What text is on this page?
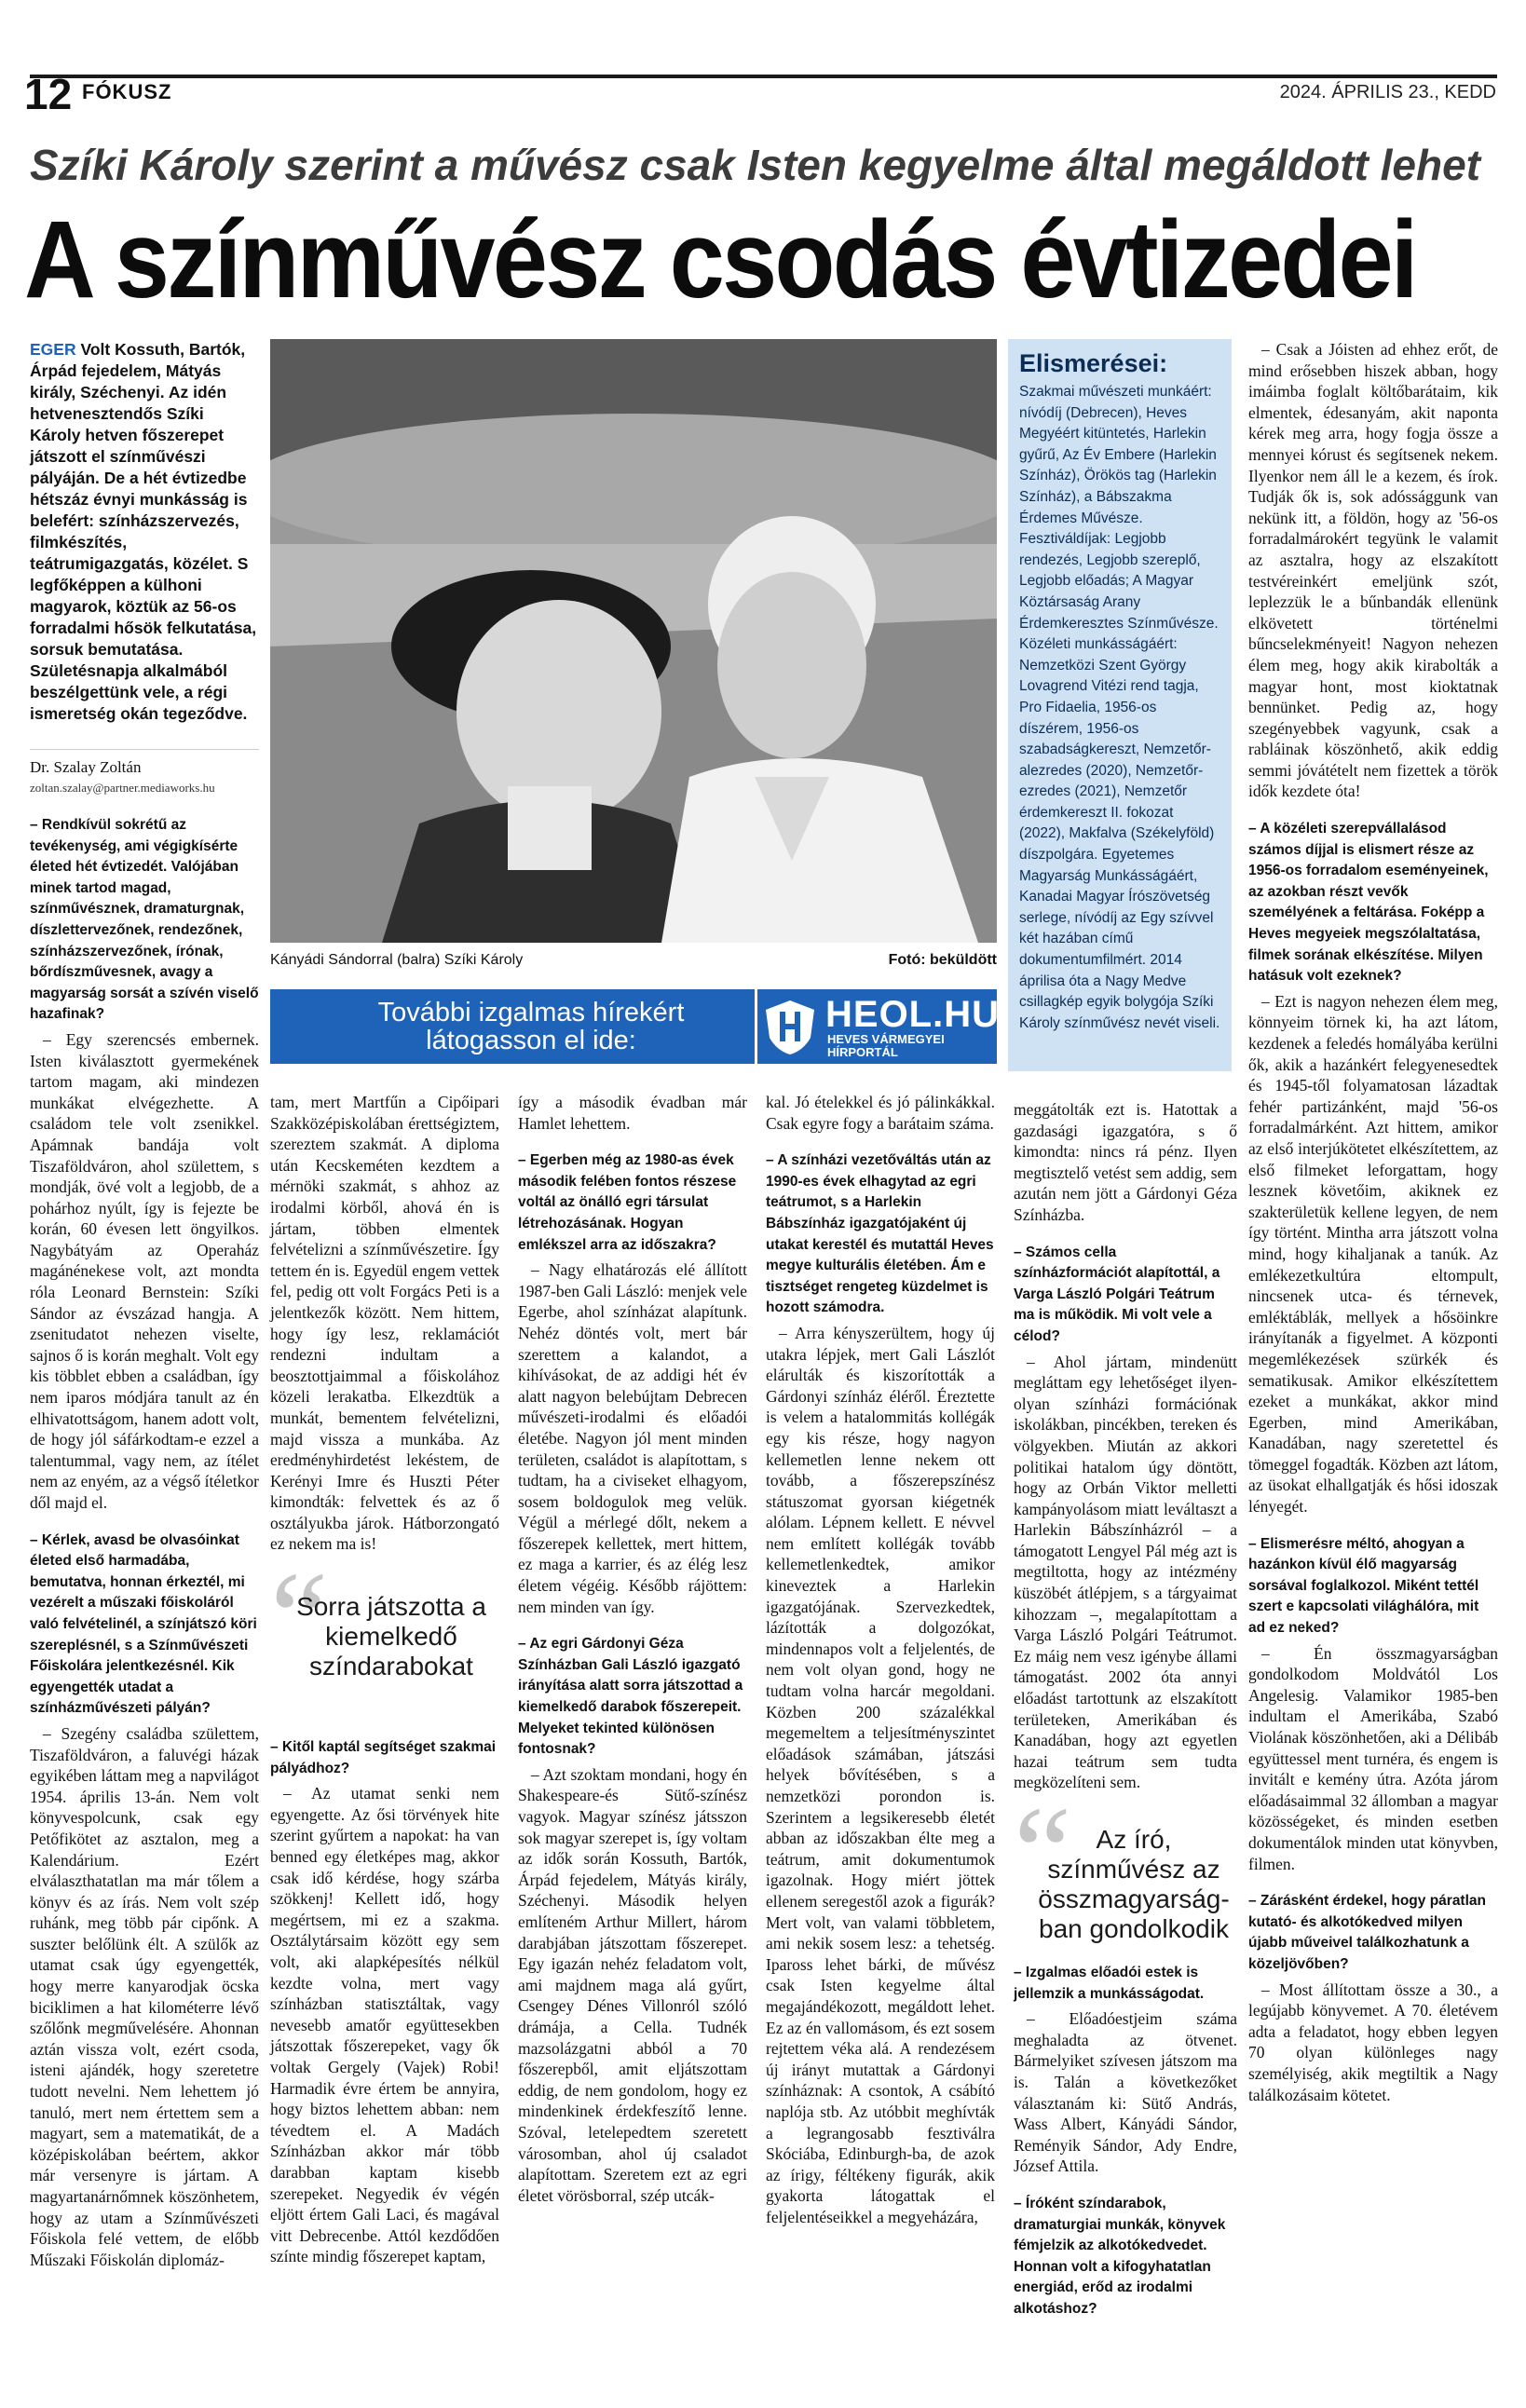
12 FÓKUSZ	2024. ÁPRILIS 23., KEDD
Szíki Károly szerint a művész csak Isten kegyelme által megáldott lehet
A színművész csodás évtizedei
EGER Volt Kossuth, Bartók, Árpád fejedelem, Mátyás király, Széchenyi. Az idén hetvenesztendős Szíki Károly hetven főszerepet játszott el színművészi pályáján. De a hét évtizedbe hétszáz évnyi munkásság is belefért: színházszervezés, filmkészítés, teátrumigazgatás, közélet. S legfőképpen a külhoni magyarok, köztük az 56-os forradalmi hősök felkutatása, sorsuk bemutatása. Születésnapja alkalmából beszélgettünk vele, a régi ismeretség okán tegeződve.
Dr. Szalay Zoltán
zoltan.szalay@partner.mediaworks.hu
– Rendkívül sokrétű az tevékenység, ami végigkísérte életed hét évtizedét. Valójában minek tartod magad, színművésznek, dramaturgnak, díszlettervezőnek, rendezőnek, színházszervezőnek, írónak, bőrdíszművesnek, avagy a magyarság sorsát a szívén viselő hazafinak?

– Egy szerencsés embernek. Isten kiválasztott gyermekének tartom magam, aki mindezen munkákat elvégezhette. A családom tele volt zsenikkel. Apámnak bandája volt Tiszaföldváron, ahol születtem, s mondják, övé volt a legjobb, de a pohárhoz nyúlt, így is fejezte be korán, 60 évesen lett öngyilkos. Nagybátyám az Operaház magánénekese volt, azt mondta róla Leonard Bernstein: Szíki Sándor az évszázad hangja. A zsenitudatot nehezen viselte, sajnos ő is korán meghalt. Volt egy kis többlet ebben a családban, így nem iparos módjára tanult az én elhivatottságom, hanem adott volt, de hogy jól sáfárkodtam-e ezzel a talentummal, vagy nem, az ítélet nem az enyém, az a végső ítéletkor dől majd el.

– Kérlek, avasd be olvasóinkat életed első harmadába, bemutatva, honnan érkeztél, mi vezérelt a műszaki főiskoláról való felvételinél, a színjátszó köri szereplésnél, s a Színművészeti Főiskolára jelentkezésnél. Kik egyengették utadat a színházművészeti pályán?

– Szegény családba születtem, Tiszaföldváron, a faluvégi házak egyikében láttam meg a napvilágot 1954. április 13-án. Nem volt könyvespolcunk, csak egy Petőfikötet az asztalon, meg a Kalendárium. Ezért elválaszthatatlan ma már tőlem a könyv és az írás. Nem volt szép ruhánk, meg több pár cipőnk. A suszter belőlünk élt. A szülők az utamat csak úgy egyengették, hogy merre kanyarodjak öcska biciklimen a hat kilométerre lévő szőlőnk megművelésére. Ahonnan aztán vissza volt, ezért csoda, isteni ajándék, hogy szeretetre tudott nevelni. Nem lehettem jó tanuló, mert nem értettem sem a magyart, sem a matematikát, de a középiskolában beértem, akkor már versenyre is jártam. A magyartanárnőmnek köszönhetem, hogy az utam a Színművészeti Főiskola felé vettem, de előbb Műszaki Főiskolán diplomáz-

Kányádi Sándorral (balra) Szíki Károly	Fotó: beküldött
További izgalmas hírekért
látogasson el ide:
HEOL.HU
HEVES VÁRMEGYEI
HÍRPORTÁL
Elismerései:
Szakmai művészeti munkáért: nívódíj (Debrecen), Heves Megyéért kitüntetés, Harlekin gyűrű, Az Év Embere (Harlekin Színház), Örökös tag (Harlekin Színház), a Bábszakma Érdemes Művésze. Fesztiváldíjak: Legjobb rendezés, Legjobb szereplő, Legjobb előadás; A Magyar Köztársaság Arany Érdemkeresztes Színművésze. Közéleti munkásságáért: Nemzetközi Szent György Lovagrend Vitézi rend tagja, Pro Fidaelia, 1956-os díszérem, 1956-os szabadságkereszt, Nemzetőr-alezredes (2020), Nemzetőr-ezredes (2021), Nemzetőr érdemkereszt II. fokozat (2022), Makfalva (Székelyföld) díszpolgára. Egyetemes Magyarság Munkásságáért, Kanadai Magyar Írószövetség serlege, nívódíj az Egy szívvel két hazában című dokumentumfilmért. 2014 áprilisa óta a Nagy Medve csillagkép egyik bolygója Szíki Károly színművész nevét viseli.

– Csak a Jóisten ad ehhez erőt, de mind erősebben hiszek abban, hogy imáimba foglalt költőbarátaim, kik elmentek, édesanyám, akit naponta kérek meg arra, hogy fogja össze a mennyei kórust és segítsenek nekem. Ilyenkor nem áll le a kezem, és írok. Tudják ők is, sok adóssággunk van nekünk itt, a földön, hogy az '56-os forradalmárokért tegyünk le valamit az asztalra, hogy az elszakított testvéreinkért emeljünk szót, leplezzük le a bűnbandák ellenünk elkövetett történelmi bűncselekményeit! Nagyon nehezen élem meg, hogy akik kirabolták a magyar hont, most kioktatnak bennünket. Pedig az, hogy szegényebbek vagyunk, csak a rabláinak köszönhető, akik eddig semmi jóvátételt nem fizettek a török idők kezdete óta!

– A közéleti szerepvállalásod számos díjjal is elismert része az 1956-os forradalom eseményeinek, az azokban részt vevők személyének a feltárása. Foképp a Heves megyeiek megszólaltatása, filmek sorának elkészítése. Milyen hatásuk volt ezeknek?

– Ezt is nagyon nehezen élem meg, könnyeim törnek ki, ha azt látom, kezdenek a feledés homályába kerülni ők, akik a hazánkért felegyenesedtek és 1945-től folyamatosan lázadtak fehér partizánként, majd '56-os forradalmárként. Azt hittem, amikor az első interjúkötetet elkészítettem, az első filmeket leforgattam, hogy lesznek követőim, akiknek ez szakterületük kellene legyen, de nem így történt. Mintha arra játszott volna mind, hogy kihaljanak a tanúk. Az emlékezetkultúra eltompult, nincsenek utca- és térnevek, emléktáblák, mellyek a hősöinkre irányítanák a figyelmet. A központi megemlékezések szürkék és sematikusak. Amikor elkészítettem ezeket a munkákat, akkor mind Egerben, mind Amerikában, Kanadában, nagy szeretettel és tömeggel fogadták. Közben azt látom, az üsokat elhallgatják és hősi idoszak lényegét.

– Elismerésre méltó, ahogyan a hazánkon kívül élő magyarság sorsával foglalkozol. Miként tettél szert e kapcsolati világhálóra, mit ad ez neked?

– Én összmagyarságban gondolkodom Moldvától Los Angelesig. Valamikor 1985-ben indultam el Amerikába, Szabó Violának köszönhetően, aki a Délibáb együttessel ment turnéra, és engem is invitált e kemény útra. Azóta járom előadásaimmal 32 állomban a magyar közösségeket, és minden esetben dokumentálok minden utat könyvben, filmen.

– Zárásként érdekel, hogy páratlan kutató- és alkotókedved milyen újabb műveivel találkozhatunk a közeljövőben?

– Most állítottam össze a 30., a legújabb könyvemet. A 70. életévem adta a feladatot, hogy ebben legyen 70 olyan különleges nagy személyiség, akik megtiltik a Nagy találkozásaim kötetet.

tam, mert Martfűn a Cipőipari Szakközépiskolában érettségiztem, szereztem szakmát. A diploma után Kecskeméten kezdtem a mérnöki szakmát, s ahhoz az irodalmi körből, ahová én is jártam, többen elmentek felvételizni a színművészetire. Így tettem én is. Egyedül engem vettek fel, pedig ott volt Forgács Peti is a jelentkezők között. Nem hittem, hogy így lesz, reklamációt rendezni indultam a beosztottjaimmal a főiskolához közeli lerakatba. Elkezdtük a munkát, bementem felvételizni, majd vissza a munkába. Az eredményhirdetést lekéstem, de Kerényi Imre és Huszti Péter kimondták: felvettek és az ő osztályukba járok. Hátborzongató ez nekem ma is!

“
Sorra játszotta a kiemelkedő színdarabokat
– Kitől kaptál segítséget szakmai pályádhoz?

– Az utamat senki nem egyengette. Az ősi törvények hite szerint gyűrtem a napokat: ha van benned egy életképes mag, akkor csak idő kérdése, hogy szárba szökkenj! Kellett idő, hogy megértsem, mi ez a szakma. Osztálytársaim között egy sem volt, aki alapképesítés nélkül kezdte volna, mert vagy színházban statisztáltak, vagy nevesebb amatőr együttesekben játszottak főszerepeket, vagy ők voltak Gergely (Vajek) Robi! Harmadik évre értem be annyira, hogy biztos lehettem abban: nem tévedtem el. A Madách Színházban akkor már több darabban kaptam kisebb szerepeket. Negyedik év végén eljött értem Gali Laci, és magával vitt Debrecenbe. Attól kezdődően színte mindig főszerepet kaptam,

így a második évadban már Hamlet lehettem.

– Egerben még az 1980-as évek második felében fontos részese voltál az önálló egri társulat létrehozásának. Hogyan emlékszel arra az időszakra?

– Nagy elhatározás elé állított 1987-ben Gali László: menjek vele Egerbe, ahol színházat alapítunk. Nehéz döntés volt, mert bár szerettem a kalandot, a kihívásokat, de az addigi hét év alatt nagyon belebújtam Debrecen művészeti-irodalmi és előadói életébe. Nagyon jól ment minden területen, családot is alapítottam, s tudtam, ha a civiseket elhagyom, sosem boldogulok meg velük. Végül a mérlegé dőlt, nekem a főszerepek kellettek, mert hittem, ez maga a karrier, és az élég lesz életem végéig. Később rájöttem: nem minden van így.

– Az egri Gárdonyi Géza Színházban Gali László igazgató irányítása alatt sorra játszottad a kiemelkedő darabok főszerepeit. Melyeket tekinted különösen fontosnak?

– Azt szoktam mondani, hogy én Shakespeare-és Sütő-színész vagyok. Magyar színész játsszon sok magyar szerepet is, így voltam az idők során Kossuth, Bartók, Árpád fejedelem, Mátyás király, Széchenyi. Második helyen említeném Arthur Millert, három darabjában játszottam főszerepet. Egy igazán nehéz feladatom volt, ami majdnem maga alá gyűrt, Csengey Dénes Villonról szóló drámája, a Cella. Tudnék mazsolázgatni abból a 70 főszerepből, amit eljátszottam eddig, de nem gondolom, hogy ez mindenkinek érdekfeszítő lenne. Szóval, letelepedtem szeretett városomban, ahol új csaladot alapítottam. Szeretem ezt az egri életet vörösborral, szép utcák-

kal. Jó ételekkel és jó pálinkákkal. Csak egyre fogy a barátaim száma.

– A színházi vezetőváltás után az 1990-es évek elhagytad az egri teátrumot, s a Harlekin Bábszínház igazgatójaként új utakat kerestél és mutattál Heves megye kulturális életében. Ám e tisztséget rengeteg küzdelmet is hozott számodra.

– Arra kényszerültem, hogy új utakra lépjek, mert Gali Lászlót elárulták és kiszorították a Gárdonyi színház éléről. Éreztette is velem a hatalommitás kollégák egy kis része, hogy nagyon kellemetlen lenne nekem ott tovább, a főszerepszínész státuszomat gyorsan kiégetnék alólam. Lépnem kellett. E névvel nem említett kollégák tovább kellemetlenkedtek, amikor kineveztek a Harlekin igazgatójának. Szervezkedtek, lázították a dolgozókat, mindennapos volt a feljelentés, de nem volt olyan gond, hogy ne tudtam volna harcár megoldani. Közben 200 százalékkal megemeltem a teljesítményszintet előadások számában, játszási helyek bővítésében, s a nemzetközi porondon is. Szerintem a legsikeresebb életét abban az időszakban élte meg a teátrum, amit dokumentumok igazolnak. Hogy miért jöttek ellenem seregestől azok a figurák? Mert volt, van valami többletem, ami nekik sosem lesz: a tehetség. Ipaross lehet bárki, de művész csak Isten kegyelme által megajándékozott, megáldott lehet. Ez az én vallomásom, és ezt sosem rejtettem véka alá. A rendezésem új irányt mutattak a Gárdonyi színháznak: A csontok, A csábító naplója stb. Az utóbbit meghívták a legrangosabb fesztiválra Skóciába, Edinburgh-ba, de azok az írigy, féltékeny figurák, akik gyakorta látogattak el feljelentéseikkel a megyeházára,

meggátolták ezt is. Hatottak a gazdasági igazgatóra, s ő kimondta: nincs rá pénz. Ilyen megtisztelő vetést sem addig, sem azután nem jött a Gárdonyi Géza Színházba.

– Számos cella színházformációt alapítottál, a Varga László Polgári Teátrum ma is működik. Mi volt vele a célod?

– Ahol jártam, mindenütt megláttam egy lehetőséget ilyen-olyan színházi formációnak iskolákban, pincékben, tereken és völgyekben. Miután az akkori politikai hatalom úgy döntött, hogy az Orbán Viktor melletti kampányolásom miatt leváltaszt a Harlekin Bábszínházról – a támogatott Lengyel Pál még azt is megtiltotta, hogy az intézmény küszöbét átlépjem, s a tárgyaimat kihozzam –, megalapítottam a Varga László Polgári Teátrumot. Ez máig nem vesz igénybe állami támogatást. 2002 óta annyi előadást tartottunk az elszakított területeken, Amerikában és Kanadában, hogy azt egyetlen hazai teátrum sem tudta megközelíteni sem.

“ Az író, színművész az összmagyarságban gondolkodik
– Izgalmas előadói estek is jellemzik a munkásságodat.

– Előadóestjeim száma meghaladta az ötvenet. Bármelyiket szívesen játszom ma is. Talán a következőket választanám ki: Sütő András, Wass Albert, Kányádi Sándor, Reményik Sándor, Ady Endre, József Attila.

– Íróként színdarabok, dramaturgiai munkák, könyvek fémjelzik az alkotókedvedet. Honnan volt a kifogyhatatlan energiád, erőd az irodalmi alkotáshoz?
